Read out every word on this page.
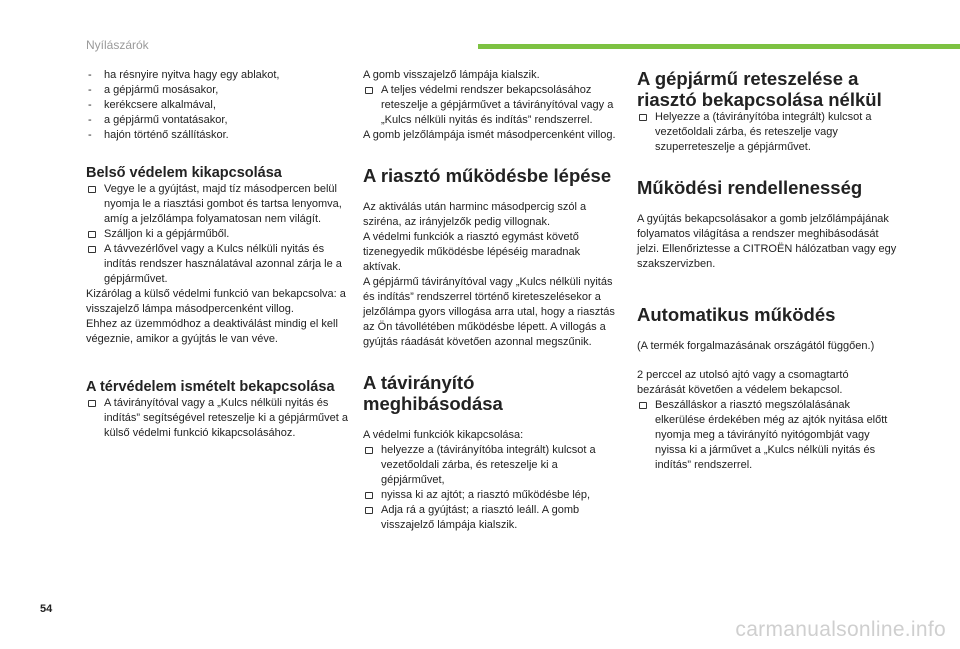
Nyílászárók
- ha résnyire nyitva hagy egy ablakot,
- a gépjármű mosásakor,
- kerékcsere alkalmával,
- a gépjármű vontatásakor,
- hajón történő szállításkor.
Belső védelem kikapcsolása
Vegye le a gyújtást, majd tíz másodpercen belül nyomja le a riasztási gombot és tartsa lenyomva, amíg a jelzőlámpa folyamatosan nem világít.
Szálljon ki a gépjárműből.
A távvezérlővel vagy a Kulcs nélküli nyitás és indítás rendszer használatával azonnal zárja le a gépjárművet.

Kizárólag a külső védelmi funkció van bekapcsolva: a visszajelző lámpa másodpercenként villog.

Ehhez az üzemmódhoz a deaktiválást mindig el kell végeznie, amikor a gyújtás le van véve.

A térvédelem ismételt bekapcsolása
A távirányítóval vagy a „Kulcs nélküli nyitás és indítás” segítségével reteszelje ki a gépjárművet a külső védelmi funkció kikapcsolásához.

A gomb visszajelző lámpája kialszik.

A teljes védelmi rendszer bekapcsolásához reteszelje a gépjárművet a távirányítóval vagy a „Kulcs nélküli nyitás és indítás” rendszerrel.

A gomb jelzőlámpája ismét másodpercenként villog.

A riasztó működésbe lépése

Az aktiválás után harminc másodpercig szól a sziréna, az irányjelzők pedig villognak.

A védelmi funkciók a riasztó egymást követő tizenegyedik működésbe lépéséig maradnak aktívak.

A gépjármű távirányítóval vagy „Kulcs nélküli nyitás és indítás” rendszerrel történő kireteszelésekor a jelzőlámpa gyors villogása arra utal, hogy a riasztás az Ön távollétében működésbe lépett. A villogás a gyújtás ráadását követően azonnal megszűnik.

A távirányító meghibásodása

A védelmi funkciók kikapcsolása:

helyezze a (távirányítóba integrált) kulcsot a vezetőoldali zárba, és reteszelje ki a gépjárművet,
nyissa ki az ajtót; a riasztó működésbe lép,
Adja rá a gyújtást; a riasztó leáll. A gomb visszajelző lámpája kialszik.
A gépjármű reteszelése a riasztó bekapcsolása nélkül
Helyezze a (távirányítóba integrált) kulcsot a vezetőoldali zárba, és reteszelje vagy szuperreteszelje a gépjárművet.
Működési rendellenesség

A gyújtás bekapcsolásakor a gomb jelzőlámpájának folyamatos világítása a rendszer meghibásodását jelzi. Ellenőriztesse a CITROËN hálózatban vagy egy szakszervizben.

Automatikus működés

(A termék forgalmazásának országától függően.)

2 perccel az utolsó ajtó vagy a csomagtartó bezárását követően a védelem bekapcsol.

Beszálláskor a riasztó megszólalásának elkerülése érdekében még az ajtók nyitása előtt nyomja meg a távirányító nyitógombját vagy nyissa ki a járművet a „Kulcs nélküli nyitás és indítás” rendszerrel.
54
carmanualsonline.info
